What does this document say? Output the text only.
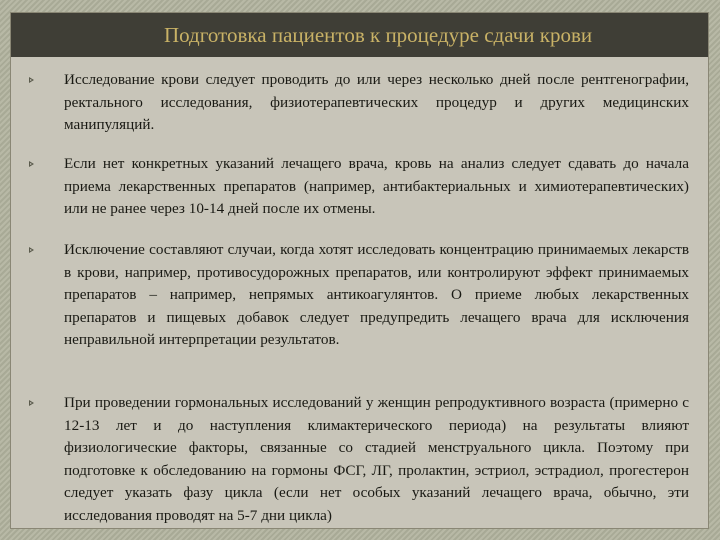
Подготовка пациентов к процедуре сдачи крови

Исследование крови следует проводить до или через несколько дней после рентгенографии, ректального исследования, физиотерапевтических процедур и других медицинских манипуляций.

Если нет конкретных указаний лечащего врача, кровь на анализ следует сдавать до начала приема лекарственных препаратов (например, антибактериальных и химиотерапевтических) или не ранее через 10-14 дней после их отмены.

Исключение составляют случаи, когда хотят исследовать концентрацию принимаемых лекарств в крови, например, противосудорожных препаратов, или контролируют эффект принимаемых препаратов – например, непрямых антикоагулянтов. О приеме любых лекарственных препаратов и пищевых добавок следует предупредить лечащего врача для исключения неправильной интерпретации результатов.

При проведении гормональных исследований у женщин репродуктивного возраста (примерно с 12-13 лет и до наступления климактерического периода) на результаты влияют физиологические факторы, связанные со стадией менструального цикла. Поэтому при подготовке к обследованию на гормоны ФСГ, ЛГ, пролактин, эстриол, эстрадиол, прогестерон следует указать фазу цикла (если нет особых указаний лечащего врача, обычно, эти исследования проводят на 5-7 дни цикла)
